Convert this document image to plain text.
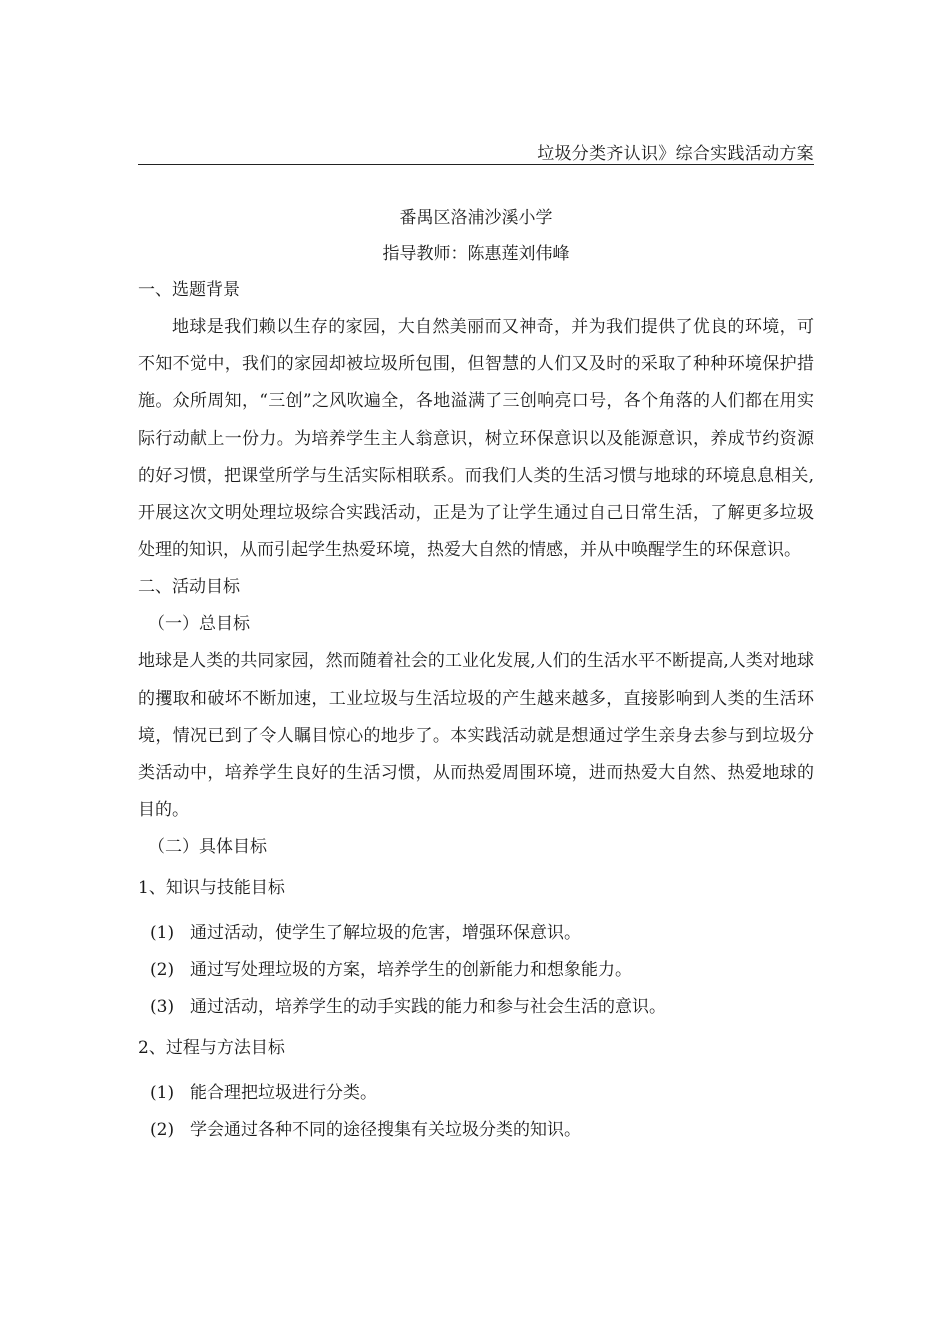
垃圾分类齐认识》综合实践活动方案

番禺区洛浦沙溪小学

指导教师：陈惠莲刘伟峰

一、选题背景

地球是我们赖以生存的家园，大自然美丽而又神奇，并为我们提供了优良的环境，可不知不觉中，我们的家园却被垃圾所包围，但智慧的人们又及时的采取了种种环境保护措施。众所周知，“三创”之风吹遍全，各地溢满了三创响亮口号，各个角落的人们都在用实际行动献上一份力。为培养学生主人翁意识，树立环保意识以及能源意识，养成节约资源的好习惯，把课堂所学与生活实际相联系。而我们人类的生活习惯与地球的环境息息相关,开展这次文明处理垃圾综合实践活动，正是为了让学生通过自己日常生活，了解更多垃圾处理的知识，从而引起学生热爱环境，热爱大自然的情感，并从中唤醒学生的环保意识。

二、活动目标

（一）总目标

地球是人类的共同家园，然而随着社会的工业化发展,人们的生活水平不断提高,人类对地球的攫取和破坏不断加速，工业垃圾与生活垃圾的产生越来越多，直接影响到人类的生活环境，情况已到了令人瞩目惊心的地步了。本实践活动就是想通过学生亲身去参与到垃圾分类活动中，培养学生良好的生活习惯，从而热爱周围环境，进而热爱大自然、热爱地球的目的。

（二）具体目标

1、知识与技能目标

(1) 通过活动，使学生了解垃圾的危害，增强环保意识。

(2) 通过写处理垃圾的方案，培养学生的创新能力和想象能力。

(3) 通过活动，培养学生的动手实践的能力和参与社会生活的意识。

2、过程与方法目标

(1) 能合理把垃圾进行分类。

(2) 学会通过各种不同的途径搜集有关垃圾分类的知识。
